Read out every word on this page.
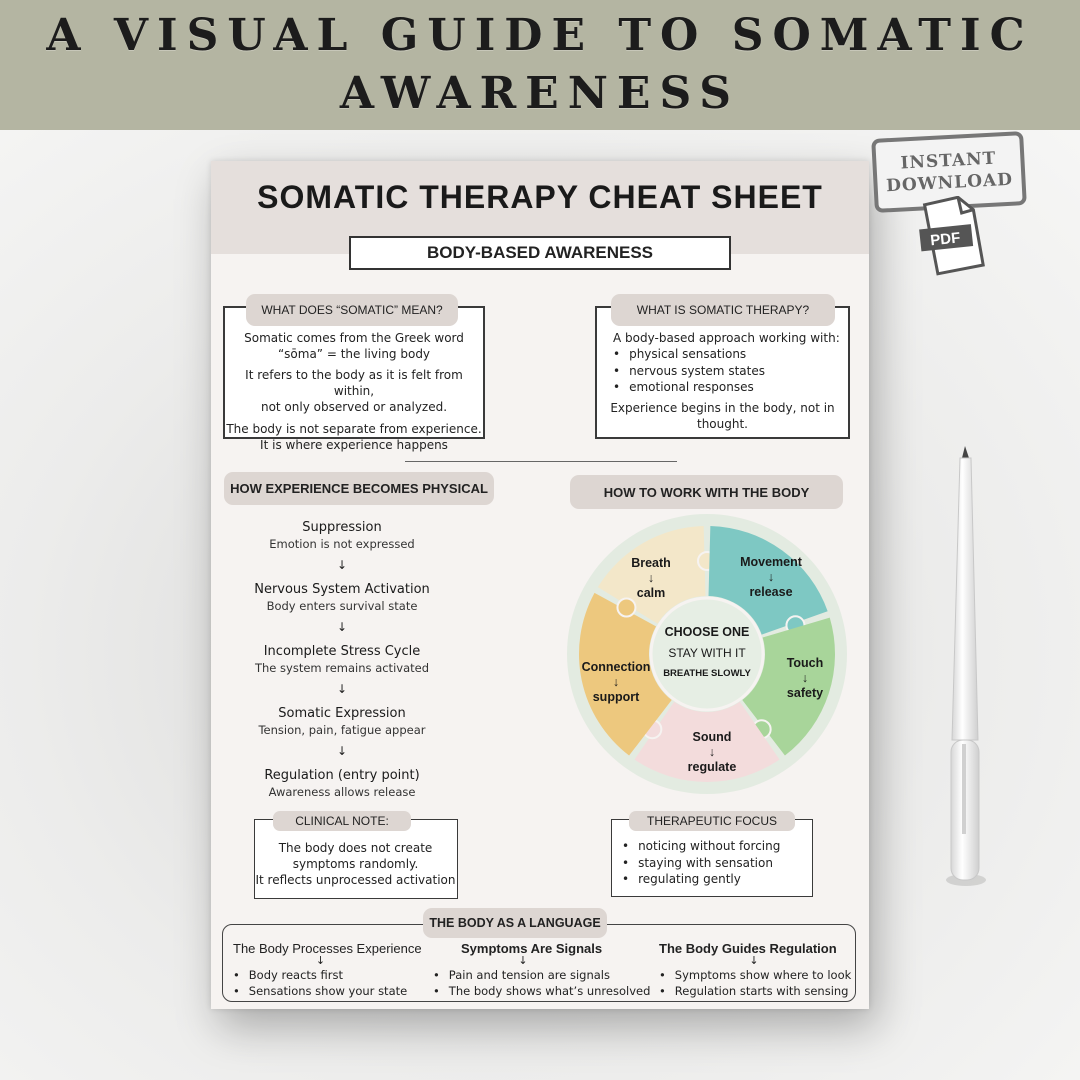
A VISUAL GUIDE TO SOMATIC
AWARENESS
SOMATIC THERAPY CHEAT SHEET
BODY-BASED AWARENESS
Somatic comes from the Greek word
“sōma” = the living body
It refers to the body as it is felt from within,
not only observed or analyzed.
The body is not separate from experience.
It is where experience happens
WHAT DOES “SOMATIC” MEAN?
A body-based approach working with:
• physical sensations
• nervous system states
• emotional responses
Experience begins in the body, not in
thought.
WHAT IS SOMATIC THERAPY?
HOW EXPERIENCE BECOMES PHYSICAL
Suppression
Emotion is not expressed
↓
Nervous System Activation
Body enters survival state
↓
Incomplete Stress Cycle
The system remains activated
↓
Somatic Expression
Tension, pain, fatigue appear
↓
Regulation (entry point)
Awareness allows release
HOW TO WORK WITH THE BODY
Breath
↓
calm
Movement
↓
release
Touch
↓
safety
Sound
↓
regulate
Connection
↓
support
CHOOSE ONE
STAY WITH IT
BREATHE SLOWLY
The body does not create
symptoms randomly.
It reflects unprocessed activation
CLINICAL NOTE:
• noticing without forcing
• staying with sensation
• regulating gently
THERAPEUTIC FOCUS
The Body Processes Experience
↓
• Body reacts first
• Sensations show your state
Symptoms Are Signals
↓
• Pain and tension are signals
• The body shows what’s unresolved
The Body Guides Regulation
↓
• Symptoms show where to look
• Regulation starts with sensing
THE BODY AS A LANGUAGE
INSTANT
DOWNLOAD
PDF
